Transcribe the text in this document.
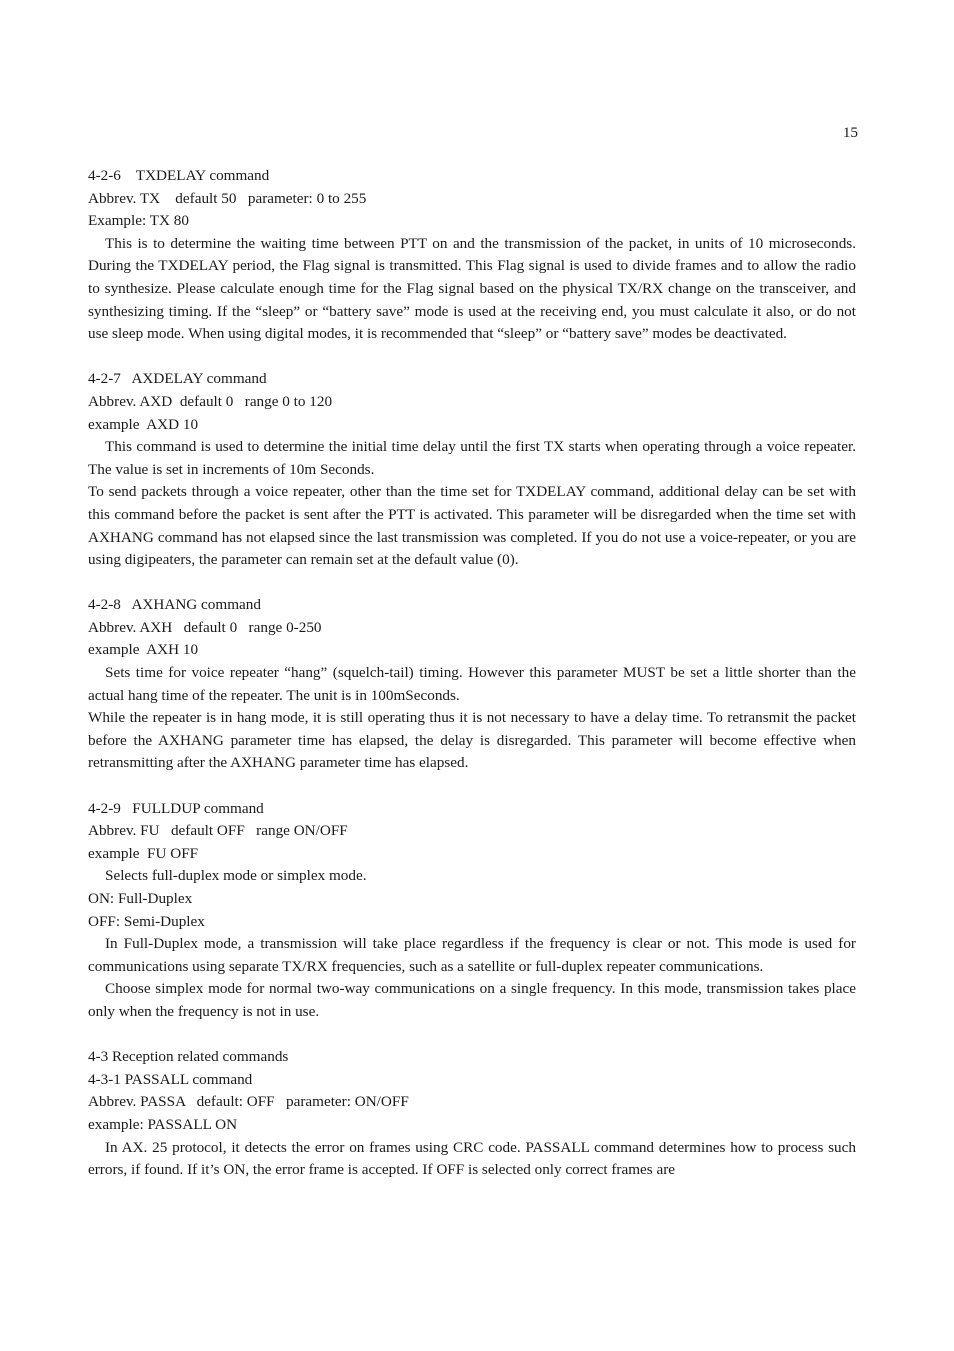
15
4-2-6    TXDELAY command
Abbrev. TX    default 50   parameter: 0 to 255
Example: TX 80
This is to determine the waiting time between PTT on and the transmission of the packet, in units of 10 microseconds. During the TXDELAY period, the Flag signal is transmitted. This Flag signal is used to divide frames and to allow the radio to synthesize. Please calculate enough time for the Flag signal based on the physical TX/RX change on the transceiver, and synthesizing timing. If the “sleep” or “battery save” mode is used at the receiving end, you must calculate it also, or do not use sleep mode. When using digital modes, it is recommended that “sleep” or “battery save” modes be deactivated.
4-2-7   AXDELAY command
Abbrev. AXD  default 0   range 0 to 120
example  AXD 10
This command is used to determine the initial time delay until the first TX starts when operating through a voice repeater. The value is set in increments of 10m Seconds.
To send packets through a voice repeater, other than the time set for TXDELAY command, additional delay can be set with this command before the packet is sent after the PTT is activated. This parameter will be disregarded when the time set with AXHANG command has not elapsed since the last transmission was completed. If you do not use a voice-repeater, or you are using digipeaters, the parameter can remain set at the default value (0).
4-2-8   AXHANG command
Abbrev. AXH   default 0   range 0-250
example  AXH 10
Sets time for voice repeater “hang” (squelch-tail) timing. However this parameter MUST be set a little shorter than the actual hang time of the repeater. The unit is in 100mSeconds.
While the repeater is in hang mode, it is still operating thus it is not necessary to have a delay time. To retransmit the packet before the AXHANG parameter time has elapsed, the delay is disregarded. This parameter will become effective when retransmitting after the AXHANG parameter time has elapsed.
4-2-9   FULLDUP command
Abbrev. FU   default OFF   range ON/OFF
example  FU OFF
Selects full-duplex mode or simplex mode.
ON: Full-Duplex
OFF: Semi-Duplex
In Full-Duplex mode, a transmission will take place regardless if the frequency is clear or not. This mode is used for communications using separate TX/RX frequencies, such as a satellite or full-duplex repeater communications.
Choose simplex mode for normal two-way communications on a single frequency. In this mode, transmission takes place only when the frequency is not in use.
4-3 Reception related commands
4-3-1 PASSALL command
Abbrev. PASSA   default: OFF   parameter: ON/OFF
example: PASSALL ON
In AX. 25 protocol, it detects the error on frames using CRC code. PASSALL command determines how to process such errors, if found. If it’s ON, the error frame is accepted. If OFF is selected only correct frames are
